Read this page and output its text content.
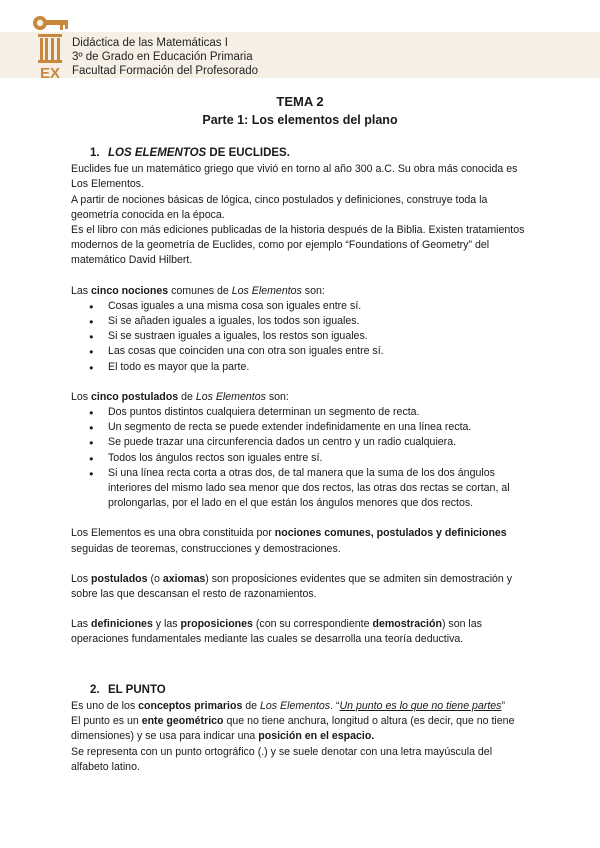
EX
Didáctica de las Matemáticas I
3º de Grado en Educación Primaria
Facultad Formación del Profesorado
TEMA 2
Parte 1: Los elementos del plano
1. LOS ELEMENTOS DE EUCLIDES.

Euclides fue un matemático griego que vivió en torno al año 300 a.C. Su obra más conocida es Los Elementos.

A partir de nociones básicas de lógica, cinco postulados y definiciones, construye toda la geometría conocida en la época.

Es el libro con más ediciones publicadas de la historia después de la Biblia. Existen tratamientos modernos de la geometría de Euclides, como por ejemplo “Foundations of Geometry” del matemático David Hilbert.

Las cinco nociones comunes de Los Elementos son:

● Cosas iguales a una misma cosa son iguales entre sí.
● Si se añaden iguales a iguales, los todos son iguales.
● Si se sustraen iguales a iguales, los restos son iguales.
● Las cosas que coinciden una con otra son iguales entre sí.
● El todo es mayor que la parte.

Los cinco postulados de Los Elementos son:

● Dos puntos distintos cualquiera determinan un segmento de recta.
● Un segmento de recta se puede extender indefinidamente en una línea recta.
● Se puede trazar una circunferencia dados un centro y un radio cualquiera.
● Todos los ángulos rectos son iguales entre sí.
● Si una línea recta corta a otras dos, de tal manera que la suma de los dos ángulos interiores del mismo lado sea menor que dos rectos, las otras dos rectas se cortan, al prolongarlas, por el lado en el que están los ángulos menores que dos rectos.

Los Elementos es una obra constituida por nociones comunes, postulados y definiciones seguidas de teoremas, construcciones y demostraciones.

Los postulados (o axiomas) son proposiciones evidentes que se admiten sin demostración y sobre las que descansan el resto de razonamientos.

Las definiciones y las proposiciones (con su correspondiente demostración) son las operaciones fundamentales mediante las cuales se desarrolla una teoría deductiva.

2. EL PUNTO

Es uno de los conceptos primarios de Los Elementos. “Un punto es lo que no tiene partes”

El punto es un ente geométrico que no tiene anchura, longitud o altura (es decir, que no tiene dimensiones) y se usa para indicar una posición en el espacio.

Se representa con un punto ortográfico (.) y se suele denotar con una letra mayúscula del alfabeto latino.
